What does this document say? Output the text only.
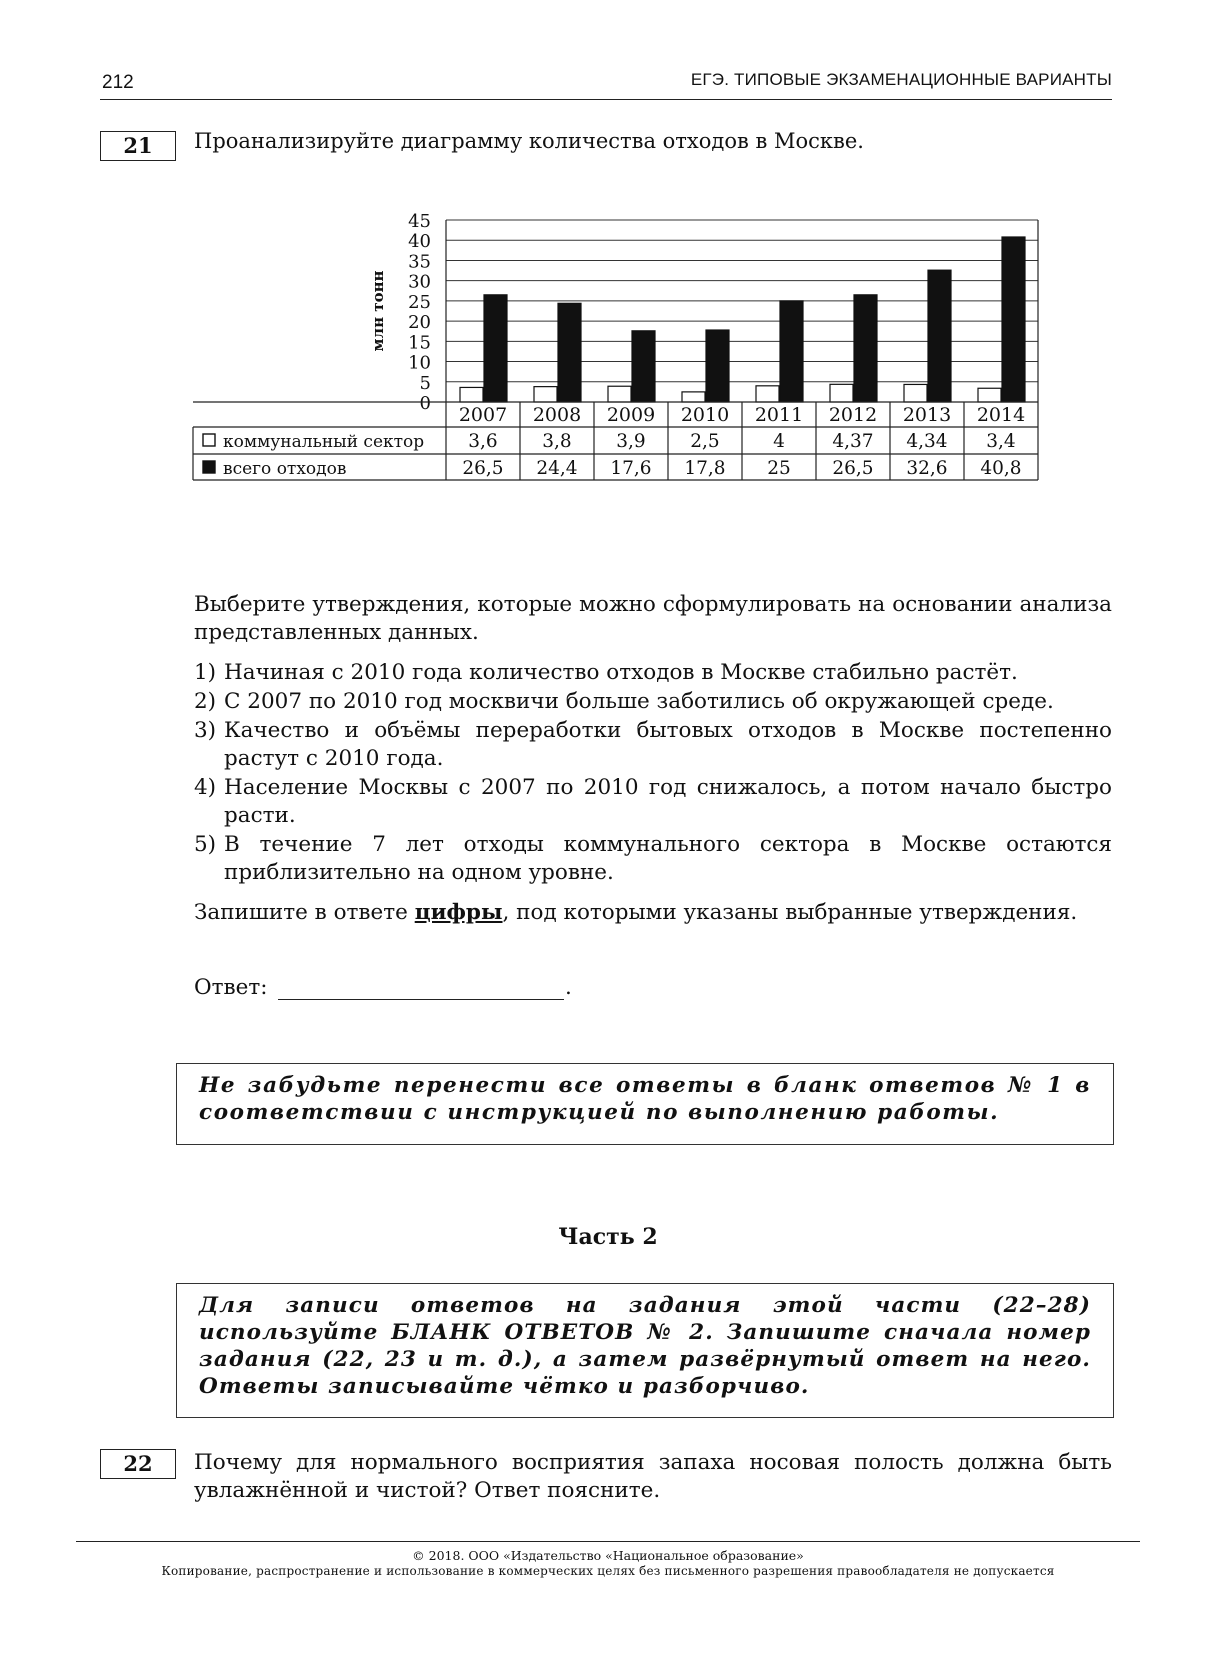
212	ЕГЭ. ТИПОВЫЕ ЭКЗАМЕНАЦИОННЫЕ ВАРИАНТЫ
21	Проанализируйте диаграмму количества отходов в Москве.
0
5
10
15
20
25
30
35
40
45
млн тонн
2007 2008 2009 2010 2011 2012 2013 2014
коммунальный сектор 3,6 3,8 3,9 2,5	4	4,37 4,34 3,4
всего отходов	26,5 24,4 17,6 17,8 25 26,5 32,6 40,8
Выберите утверждения, которые можно сформулировать на основании анализа представленных данных.
1) Начиная с 2010 года количество отходов в Москве стабильно растёт.
2) С 2007 по 2010 год москвичи больше заботились об окружающей среде.
3) Качество и объёмы переработки бытовых отходов в Москве постепенно растут с 2010 года.
4) Население Москвы с 2007 по 2010 год снижалось, а потом начало быстро расти.
5) В течение 7 лет отходы коммунального сектора в Москве остаются приблизительно на одном уровне.
Запишите в ответе цифры, под которыми указаны выбранные утверждения.
Ответ:	.
Не забудьте перенести все ответы в бланк ответов № 1 в соответствии с инструкцией по выполнению работы.
Часть 2
Для записи ответов на задания этой части (22–28) используйте БЛАНК ОТВЕТОВ № 2. Запишите сначала номер задания (22, 23 и т. д.), а затем развёрнутый ответ на него. Ответы записывайте чётко и разборчиво.
22	Почему для нормального восприятия запаха носовая полость должна быть увлажнённой и чистой? Ответ поясните.
© 2018. ООО «Издательство «Национальное образование»
Копирование, распространение и использование в коммерческих целях без письменного разрешения правообладателя не допускается
